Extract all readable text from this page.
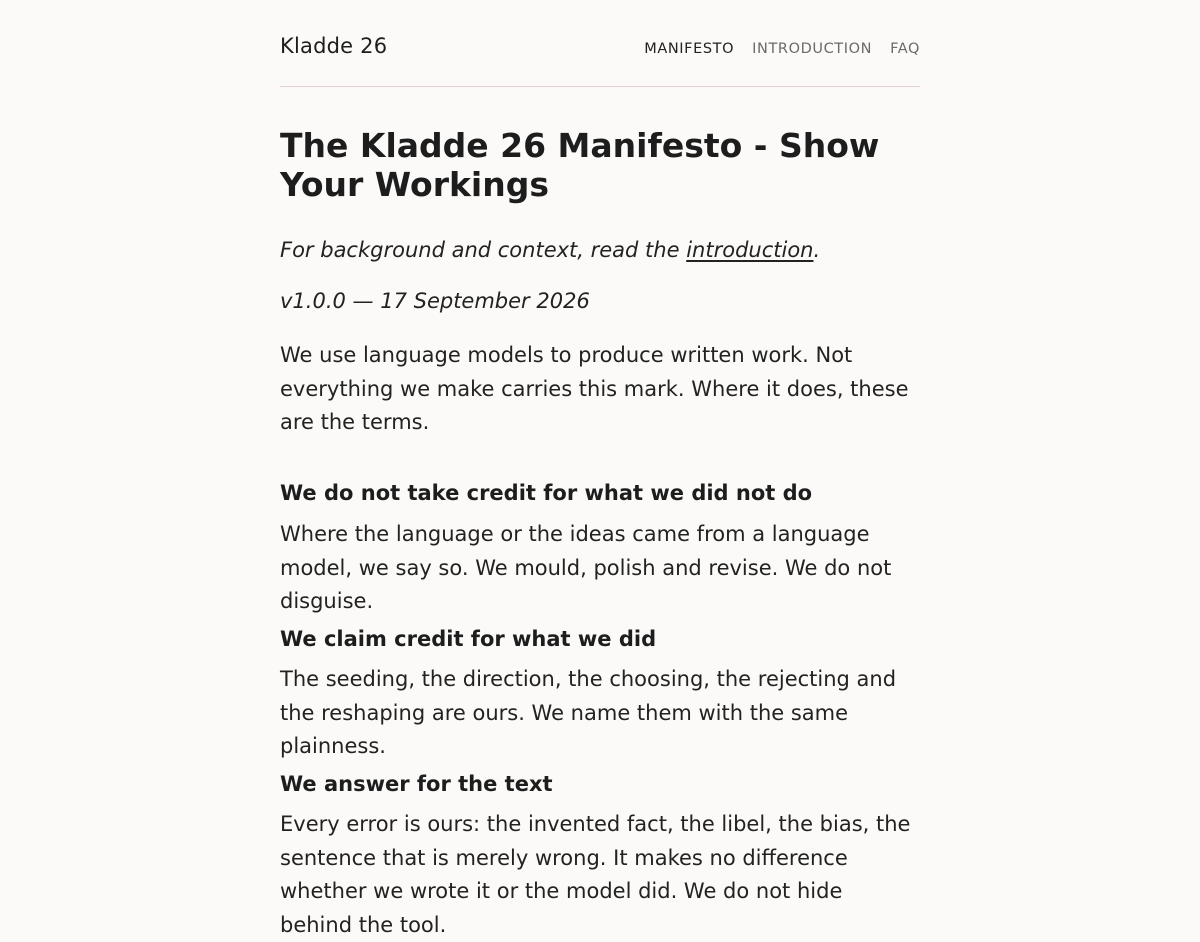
Kladde 26	MANIFESTO INTRODUCTION FAQ
The Kladde 26 Manifesto - Show Your Workings

For background and context, read the introduction.

v1.0.0 — 17 September 2026

We use language models to produce written work. Not everything we make carries this mark. Where it does, these are the terms.

We do not take credit for what we did not do

Where the language or the ideas came from a language model, we say so. We mould, polish and revise. We do not disguise.

We claim credit for what we did

The seeding, the direction, the choosing, the rejecting and the reshaping are ours. We name them with the same plainness.

We answer for the text

Every error is ours: the invented fact, the libel, the bias, the sentence that is merely wrong. It makes no difference whether we wrote it or the model did. We do not hide behind the tool.
